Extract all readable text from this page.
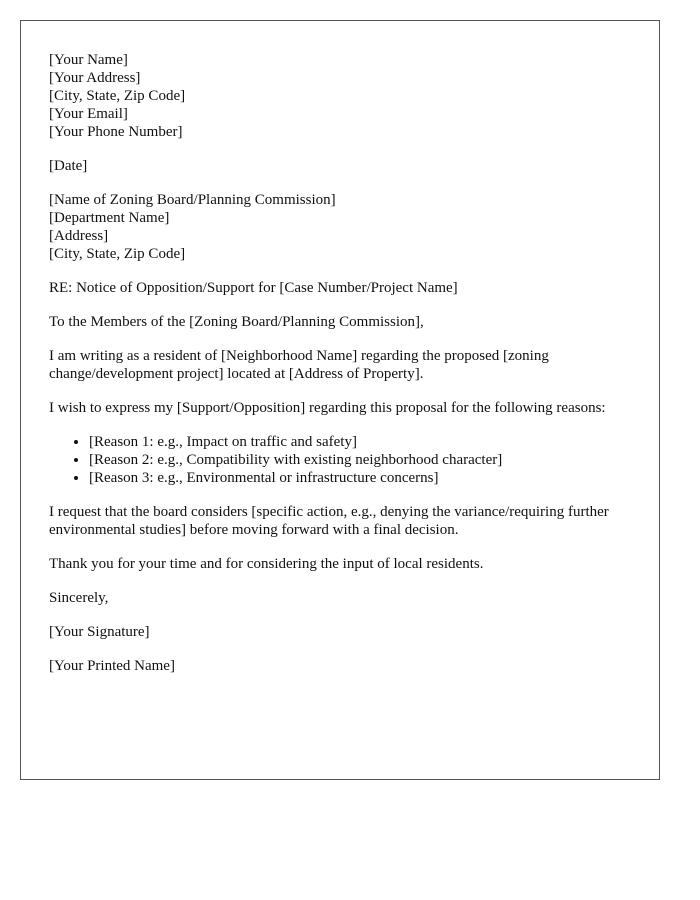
[Your Name]
[Your Address]
[City, State, Zip Code]
[Your Email]
[Your Phone Number]

[Date]

[Name of Zoning Board/Planning Commission]
[Department Name]
[Address]
[City, State, Zip Code]

RE: Notice of Opposition/Support for [Case Number/Project Name]

To the Members of the [Zoning Board/Planning Commission],

I am writing as a resident of [Neighborhood Name] regarding the proposed [zoning change/development project] located at [Address of Property].

I wish to express my [Support/Opposition] regarding this proposal for the following reasons:

• [Reason 1: e.g., Impact on traffic and safety]
• [Reason 2: e.g., Compatibility with existing neighborhood character]
• [Reason 3: e.g., Environmental or infrastructure concerns]

I request that the board considers [specific action, e.g., denying the variance/requiring further environmental studies] before moving forward with a final decision.

Thank you for your time and for considering the input of local residents.

Sincerely,

[Your Signature]

[Your Printed Name]
